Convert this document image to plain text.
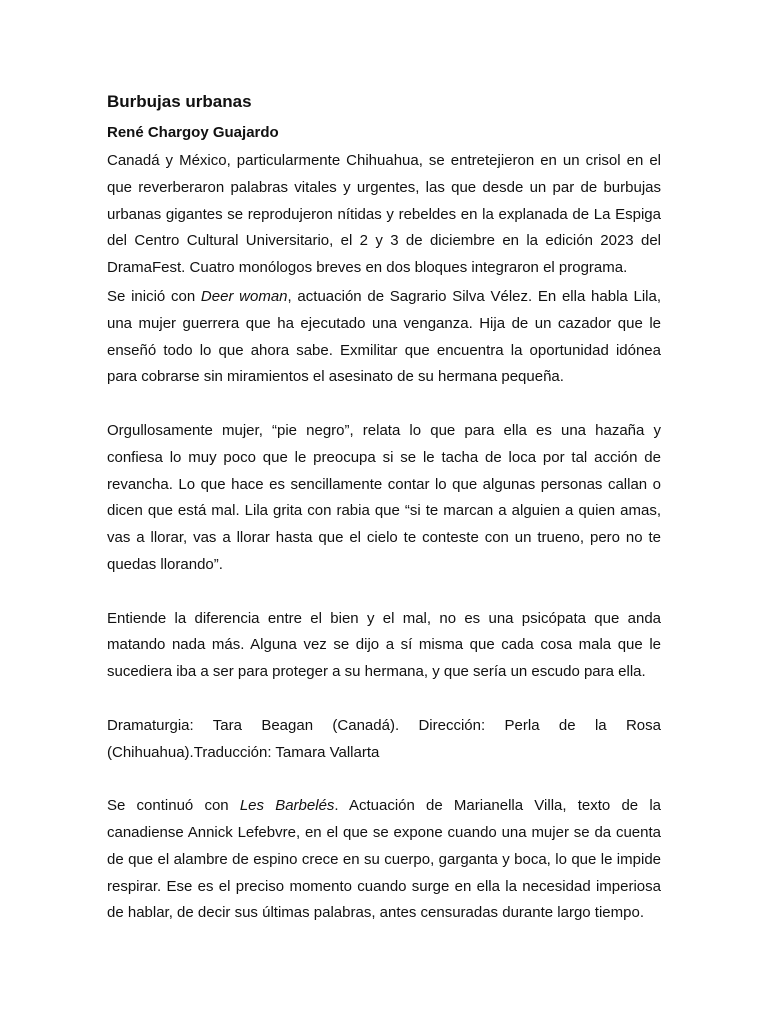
Burbujas urbanas

René Chargoy Guajardo

Canadá y México, particularmente Chihuahua, se entretejieron en un crisol en el que reverberaron palabras vitales y urgentes, las que desde un par de burbujas urbanas gigantes se reprodujeron nítidas y rebeldes en la explanada de La Espiga del Centro Cultural Universitario, el 2 y 3 de diciembre en la edición 2023 del DramaFest. Cuatro monólogos breves en dos bloques integraron el programa.

Se inició con Deer woman, actuación de Sagrario Silva Vélez. En ella habla Lila, una mujer guerrera que ha ejecutado una venganza. Hija de un cazador que le enseñó todo lo que ahora sabe. Exmilitar que encuentra la oportunidad idónea para cobrarse sin miramientos el asesinato de su hermana pequeña.

Orgullosamente mujer, “pie negro”, relata lo que para ella es una hazaña y confiesa lo muy poco que le preocupa si se le tacha de loca por tal acción de revancha. Lo que hace es sencillamente contar lo que algunas personas callan o dicen que está mal. Lila grita con rabia que “si te marcan a alguien a quien amas, vas a llorar, vas a llorar hasta que el cielo te conteste con un trueno, pero no te quedas llorando”.

Entiende la diferencia entre el bien y el mal, no es una psicópata que anda matando nada más. Alguna vez se dijo a sí misma que cada cosa mala que le sucediera iba a ser para proteger a su hermana, y que sería un escudo para ella.

Dramaturgia: Tara Beagan (Canadá). Dirección: Perla de la Rosa

(Chihuahua).Traducción: Tamara Vallarta

Se continuó con Les Barbelés. Actuación de Marianella Villa, texto de la canadiense Annick Lefebvre, en el que se expone cuando una mujer se da cuenta de que el alambre de espino crece en su cuerpo, garganta y boca, lo que le impide respirar. Ese es el preciso momento cuando surge en ella la necesidad imperiosa de hablar, de decir sus últimas palabras, antes censuradas durante largo tiempo.
